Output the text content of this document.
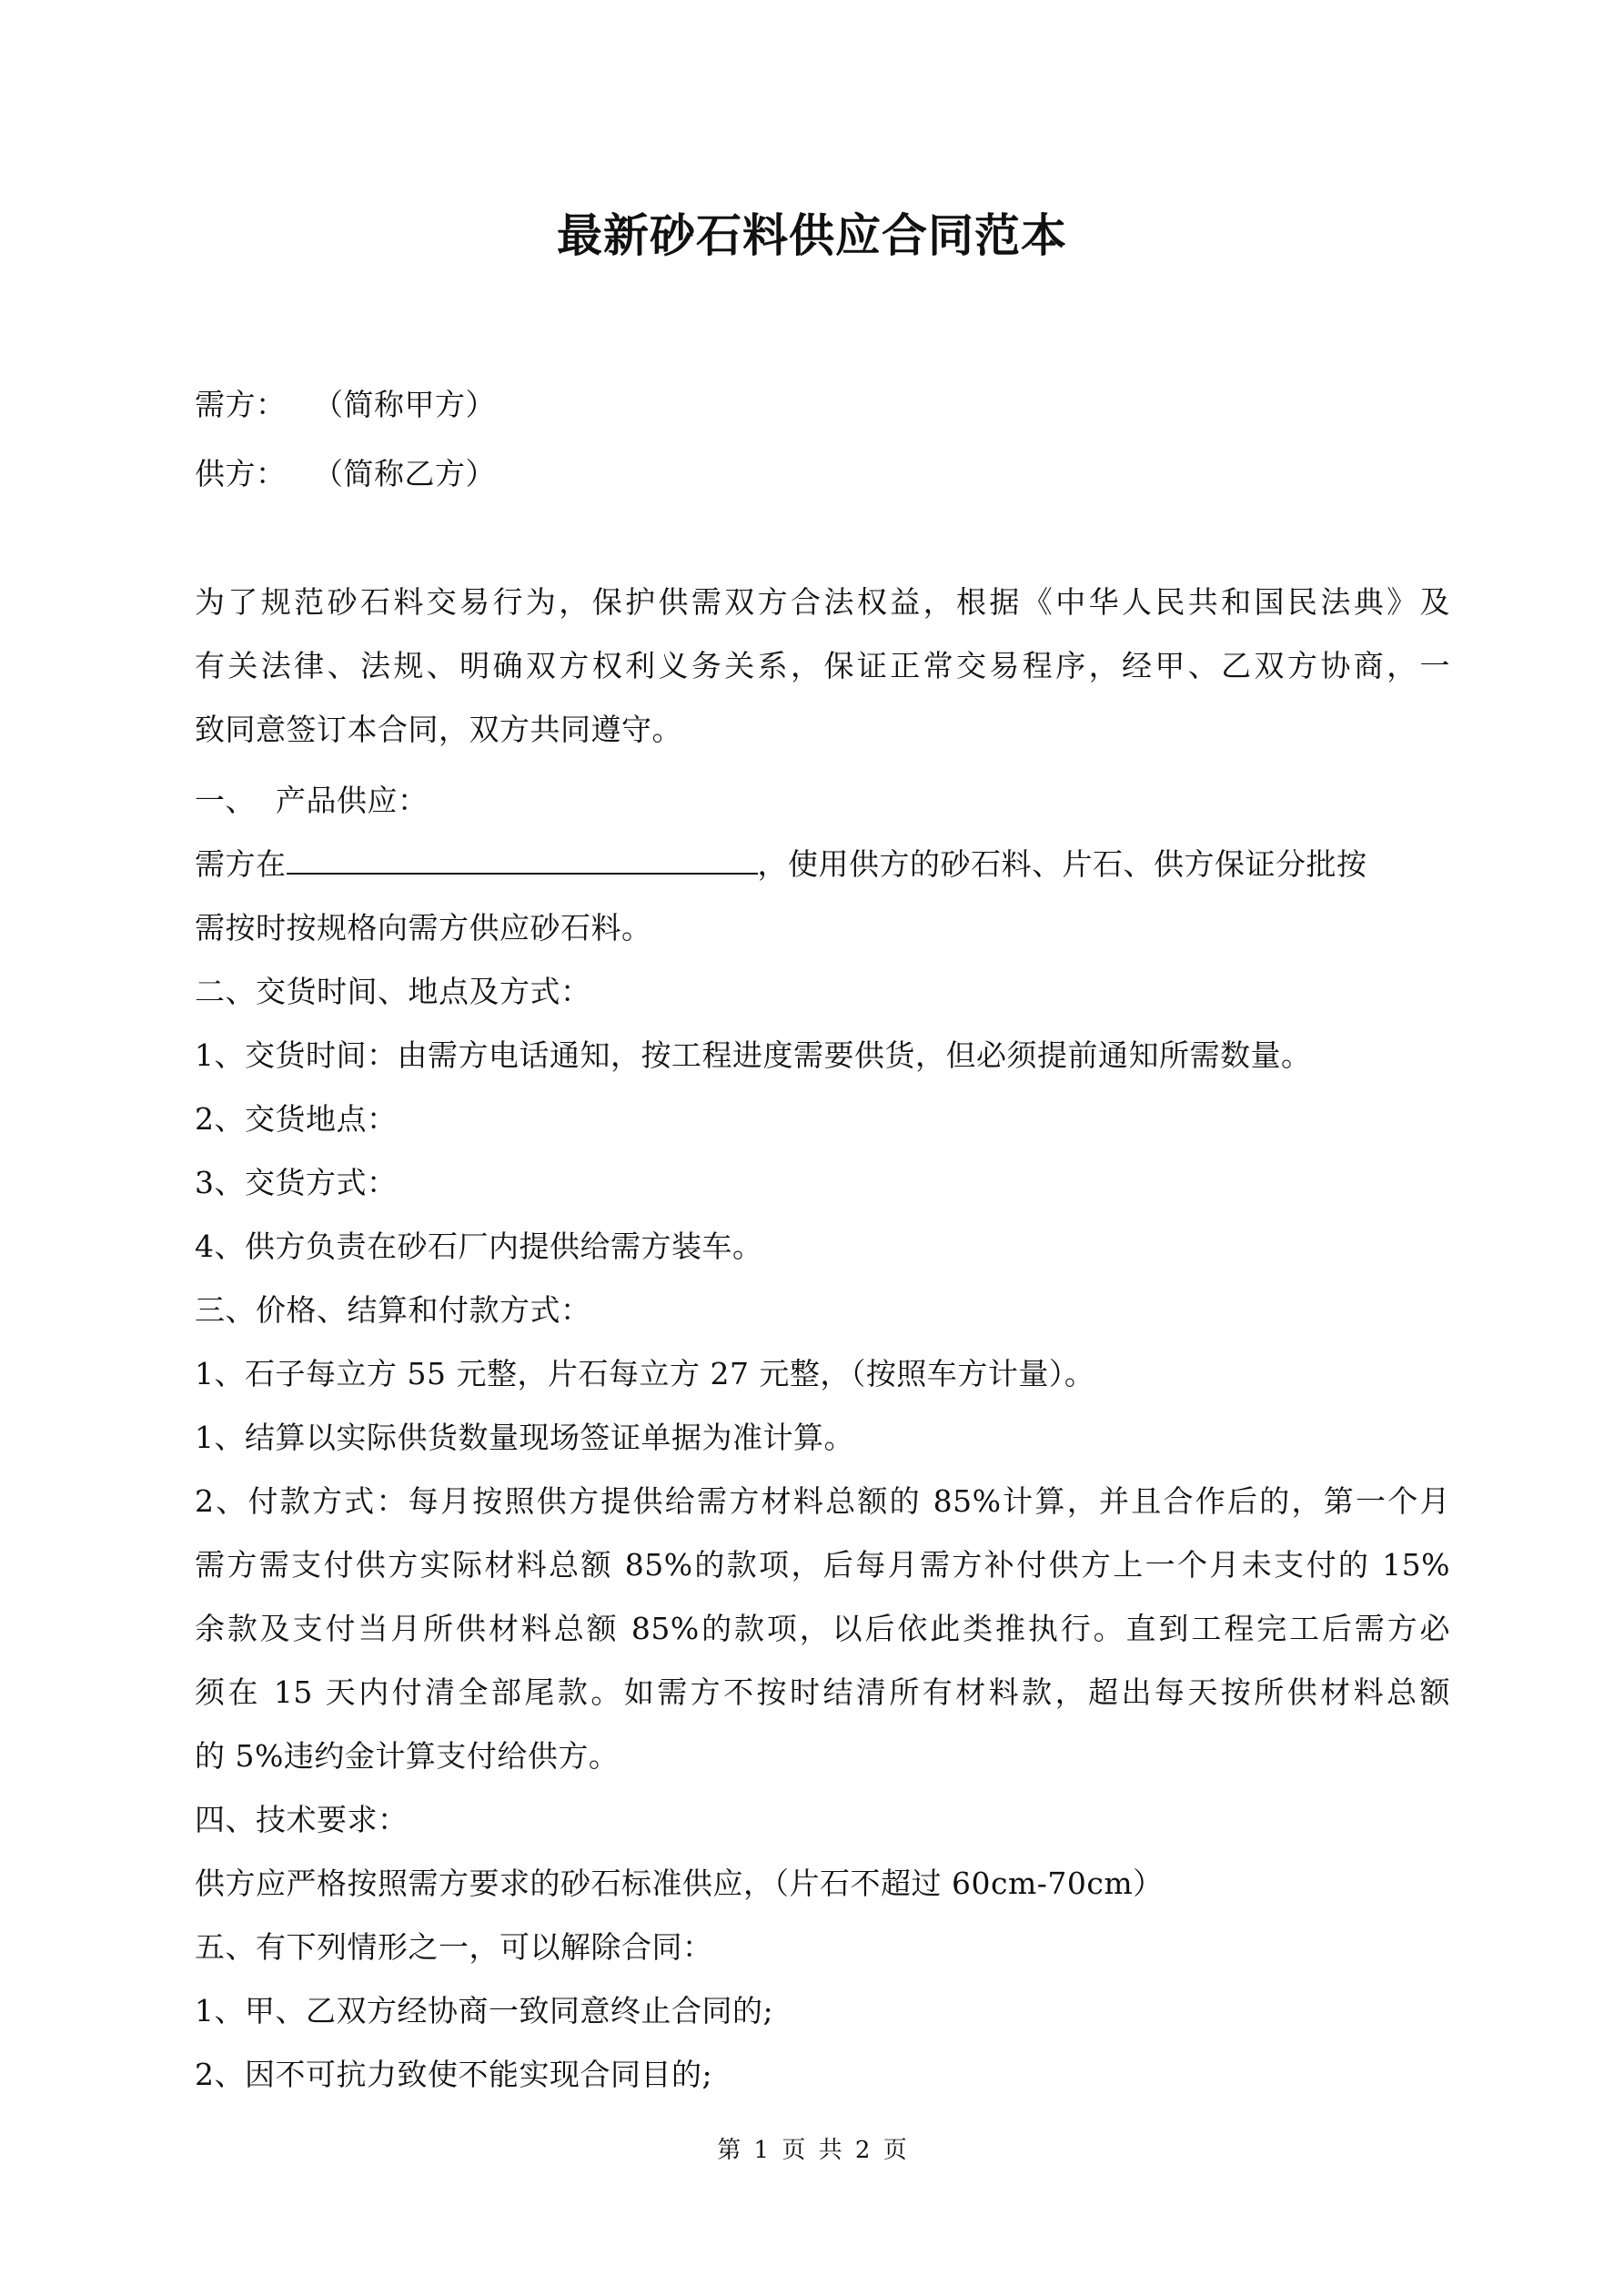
最新砂石料供应合同范本
需方： （简称甲方）
供方： （简称乙方）
为了规范砂石料交易行为，保护供需双方合法权益，根据《中华人民共和国民法典》及
有关法律、法规、明确双方权利义务关系，保证正常交易程序，经甲、乙双方协商，一
致同意签订本合同，双方共同遵守。
一、  产品供应：
需方在	，使用供方的砂石料、片石、供方保证分批按
需按时按规格向需方供应砂石料。
二、交货时间、地点及方式：
1、交货时间：由需方电话通知，按工程进度需要供货，但必须提前通知所需数量。
2、交货地点：
3、交货方式：
4、供方负责在砂石厂内提供给需方装车。
三、价格、结算和付款方式：
1、石子每立方 55 元整，片石每立方 27 元整，（按照车方计量）。
1、结算以实际供货数量现场签证单据为准计算。
2、付款方式：每月按照供方提供给需方材料总额的 85%计算，并且合作后的，第一个月
需方需支付供方实际材料总额 85%的款项，后每月需方补付供方上一个月未支付的 15%
余款及支付当月所供材料总额 85%的款项，以后依此类推执行。直到工程完工后需方必
须在 15 天内付清全部尾款。如需方不按时结清所有材料款，超出每天按所供材料总额
的 5%违约金计算支付给供方。
四、技术要求：
供方应严格按照需方要求的砂石标准供应，（片石不超过 60cm-70cm）
五、有下列情形之一，可以解除合同：
1、甲、乙双方经协商一致同意终止合同的;
2、因不可抗力致使不能实现合同目的;
第 1 页 共 2 页
